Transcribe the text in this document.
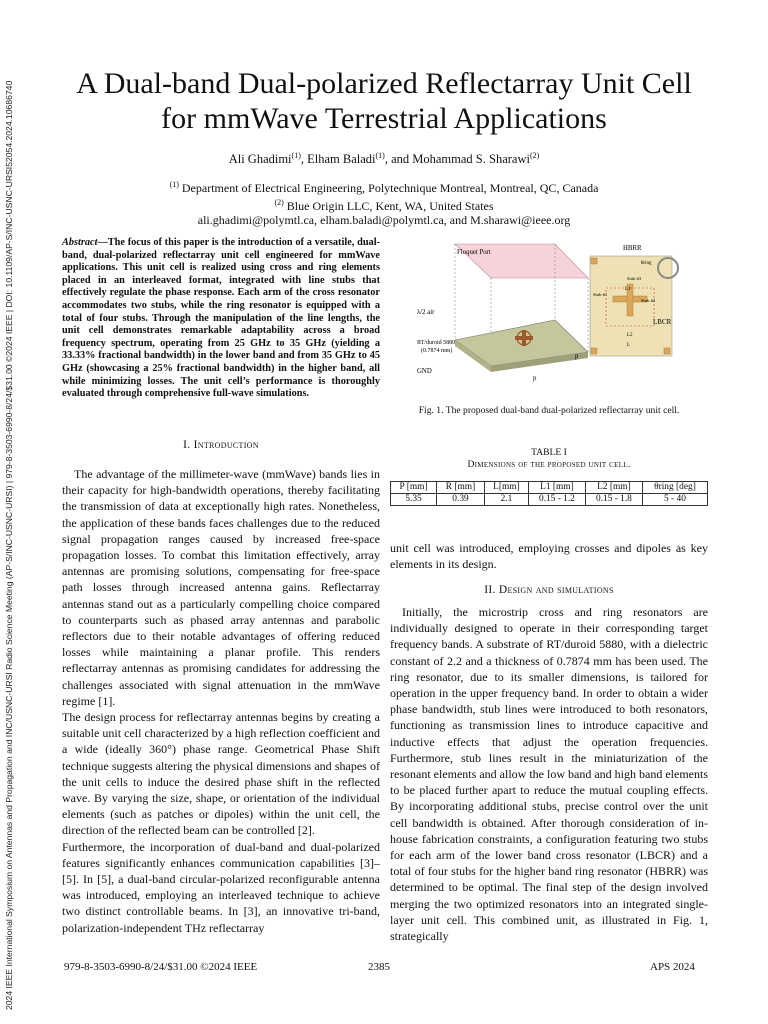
2024 IEEE International Symposium on Antennas and Propagation and INC/USNC-URSI Radio Science Meeting (AP-S/INC-USNC-URSI) | 979-8-3503-6990-8/24/$31.00 ©2024 IEEE | DOI: 10.1109/AP-S/INC-USNC-URSI52054.2024.10686740	A Dual-band Dual-polarized Reflectarray Unit Cell
for mmWave Terrestrial Applications
Ali Ghadimi$^{(1)}$, Elham Baladi$^{(1)}$, and Mohammad S. Sharawi$^{(2)}$
$^{(1)}$ Department of Electrical Engineering, Polytechnique Montreal, Montreal, QC, Canada
$^{(2)}$ Blue Origin LLC, Kent, WA, United States
ali.ghadimi@polymtl.ca, elham.baladi@polymtl.ca, and M.sharawi@ieee.org
Abstract—The focus of this paper is the introduction of a versatile, dual-band, dual-polarized reflectarray unit cell engineered for mmWave applications. This unit cell is realized using cross and ring elements placed in an interleaved format, integrated with line stubs that effectively regulate the phase response. Each arm of the cross resonator accommodates two stubs, while the ring resonator is equipped with a total of four stubs. Through the manipulation of the line lengths, the unit cell demonstrates remarkable adaptability across a broad frequency spectrum, operating from 25 GHz to 35 GHz (yielding a 33.33% fractional bandwidth) in the lower band and from 35 GHz to 45 GHz (showcasing a 25% fractional bandwidth) in the higher band, all while minimizing losses. The unit cell’s performance is thoroughly evaluated through comprehensive full-wave simulations.
Floquet Port
λ/2 air
RT/duroid 5880
(0.7874 mm)
GND
p
p
HBRR
LBCR
Stub #1
Stub #2
Stub #3
θring
L1
L2
L
Fig. 1. The proposed dual-band dual-polarized reflectarray unit cell.
TABLE I
Dimensions of the proposed unit cell.
P [mm]	R [mm]	L[mm]	L1 [mm]	L2 [mm]	θring [deg]
5.35	0.39	2.1	0.15 - 1.2	0.15 - 1.8	5 - 40
I. Introduction

The advantage of the millimeter-wave (mmWave) bands lies in their capacity for high-bandwidth operations, thereby facilitating the transmission of data at exceptionally high rates. Nonetheless, the application of these bands faces challenges due to the reduced signal propagation ranges caused by increased free-space propagation losses. To combat this limitation effectively, array antennas are promising solutions, compensating for free-space path losses through increased antenna gains. Reflectarray antennas stand out as a particularly compelling choice compared to counterparts such as phased array antennas and parabolic reflectors due to their notable advantages of offering reduced losses while maintaining a planar profile. This renders reflectarray antennas as promising candidates for addressing the challenges associated with signal attenuation in the mmWave regime [1].

The design process for reflectarray antennas begins by creating a suitable unit cell characterized by a high reflection coefficient and a wide (ideally 360°) phase range. Geometrical Phase Shift technique suggests altering the physical dimensions and shapes of the unit cells to induce the desired phase shift in the reflected wave. By varying the size, shape, or orientation of the individual elements (such as patches or dipoles) within the unit cell, the direction of the reflected beam can be controlled [2].

Furthermore, the incorporation of dual-band and dual-polarized features significantly enhances communication capabilities [3]–[5]. In [5], a dual-band circular-polarized reconfigurable antenna was introduced, employing an interleaved technique to achieve two distinct controllable beams. In [3], an innovative tri-band, polarization-independent THz reflectarray

unit cell was introduced, employing crosses and dipoles as key elements in its design.
II. Design and simulations

Initially, the microstrip cross and ring resonators are individually designed to operate in their corresponding target frequency bands. A substrate of RT/duroid 5880, with a dielectric constant of 2.2 and a thickness of 0.7874 mm has been used. The ring resonator, due to its smaller dimensions, is tailored for operation in the upper frequency band. In order to obtain a wider phase bandwidth, stub lines were introduced to both resonators, functioning as transmission lines to introduce capacitive and inductive effects that adjust the operation frequencies. Furthermore, stub lines result in the miniaturization of the resonant elements and allow the low band and high band elements to be placed further apart to reduce the mutual coupling effects. By incorporating additional stubs, precise control over the unit cell bandwidth is obtained. After thorough consideration of in-house fabrication constraints, a configuration featuring two stubs for each arm of the lower band cross resonator (LBCR) and a total of four stubs for the higher band ring resonator (HBRR) was determined to be optimal. The final step of the design involved merging the two optimized resonators into an integrated single-layer unit cell. This combined unit, as illustrated in Fig. 1, strategically

979-8-3503-6990-8/24/$31.00 ©2024 IEEE	2385	APS 2024
